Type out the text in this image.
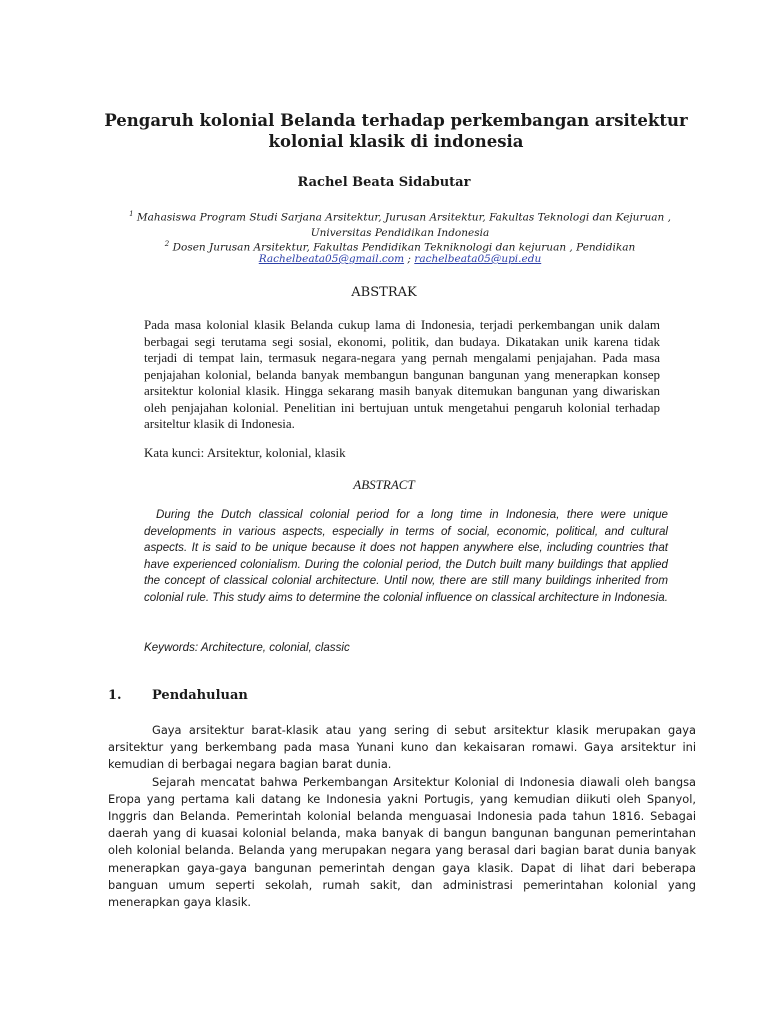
Pengaruh kolonial Belanda terhadap perkembangan arsitektur kolonial klasik di indonesia
Rachel Beata Sidabutar
$^1$ Mahasiswa Program Studi Sarjana Arsitektur, Jurusan Arsitektur, Fakultas Teknologi dan Kejuruan , Universitas Pendidikan Indonesia
$^2$ Dosen Jurusan Arsitektur, Fakultas Pendidikan Tekniknologi dan kejuruan , Pendidikan
Rachelbeata05@gmail.com ; rachelbeata05@upi.edu
ABSTRAK
Pada masa kolonial klasik Belanda cukup lama di Indonesia, terjadi perkembangan unik dalam berbagai segi terutama segi sosial, ekonomi, politik, dan budaya. Dikatakan unik karena tidak terjadi di tempat lain, termasuk negara-negara yang pernah mengalami penjajahan. Pada masa penjajahan kolonial, belanda banyak membangun bangunan bangunan yang menerapkan konsep arsitektur kolonial klasik. Hingga sekarang masih banyak ditemukan bangunan yang diwariskan oleh penjajahan kolonial. Penelitian ini bertujuan untuk mengetahui pengaruh kolonial terhadap arsiteltur klasik di Indonesia.
Kata kunci: Arsitektur, kolonial, klasik
ABSTRACT
During the Dutch classical colonial period for a long time in Indonesia, there were unique developments in various aspects, especially in terms of social, economic, political, and cultural aspects. It is said to be unique because it does not happen anywhere else, including countries that have experienced colonialism. During the colonial period, the Dutch built many buildings that applied the concept of classical colonial architecture. Until now, there are still many buildings inherited from colonial rule. This study aims to determine the colonial influence on classical architecture in Indonesia.
Keywords: Architecture, colonial, classic
1. Pendahuluan

Gaya arsitektur barat-klasik atau yang sering di sebut arsitektur klasik merupakan gaya arsitektur yang berkembang pada masa Yunani kuno dan kekaisaran romawi. Gaya arsitektur ini kemudian di berbagai negara bagian barat dunia.

Sejarah mencatat bahwa Perkembangan Arsitektur Kolonial di Indonesia diawali oleh bangsa Eropa yang pertama kali datang ke Indonesia yakni Portugis, yang kemudian diikuti oleh Spanyol, Inggris dan Belanda. Pemerintah kolonial belanda menguasai Indonesia pada tahun 1816. Sebagai daerah yang di kuasai kolonial belanda, maka banyak di bangun bangunan bangunan pemerintahan oleh kolonial belanda. Belanda yang merupakan negara yang berasal dari bagian barat dunia banyak menerapkan gaya-gaya bangunan pemerintah dengan gaya klasik. Dapat di lihat dari beberapa banguan umum seperti sekolah, rumah sakit, dan administrasi pemerintahan kolonial yang menerapkan gaya klasik.
